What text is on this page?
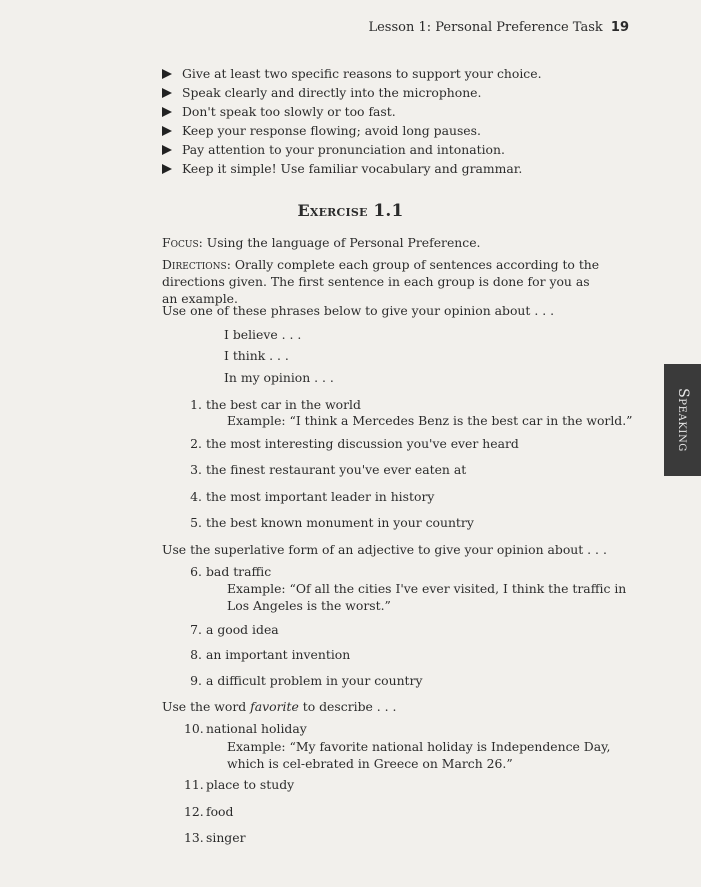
Lesson 1: Personal Preference Task 19
Give at least two specific reasons to support your choice.
Speak clearly and directly into the microphone.
Don't speak too slowly or too fast.
Keep your response flowing; avoid long pauses.
Pay attention to your pronunciation and intonation.
Keep it simple! Use familiar vocabulary and grammar.
Exercise 1.1
Focus: Using the language of Personal Preference.
Directions: Orally complete each group of sentences according to the directions given. The first sentence in each group is done for you as an example.
Use one of these phrases below to give your opinion about . . .
I believe . . .
I think . . .
In my opinion . . .
1. the best car in the world
Example: “I think a Mercedes Benz is the best car in the world.”
2. the most interesting discussion you've ever heard
3. the finest restaurant you've ever eaten at
4. the most important leader in history
5. the best known monument in your country
Use the superlative form of an adjective to give your opinion about . . .
6. bad traffic
Example: “Of all the cities I've ever visited, I think the traffic in Los Angeles is the worst.”
7. a good idea
8. an important invention
9. a difficult problem in your country
Use the word favorite to describe . . .
10. national holiday
Example: “My favorite national holiday is Independence Day, which is cel-ebrated in Greece on March 26.”
11. place to study
12. food
13. singer
Speaking
